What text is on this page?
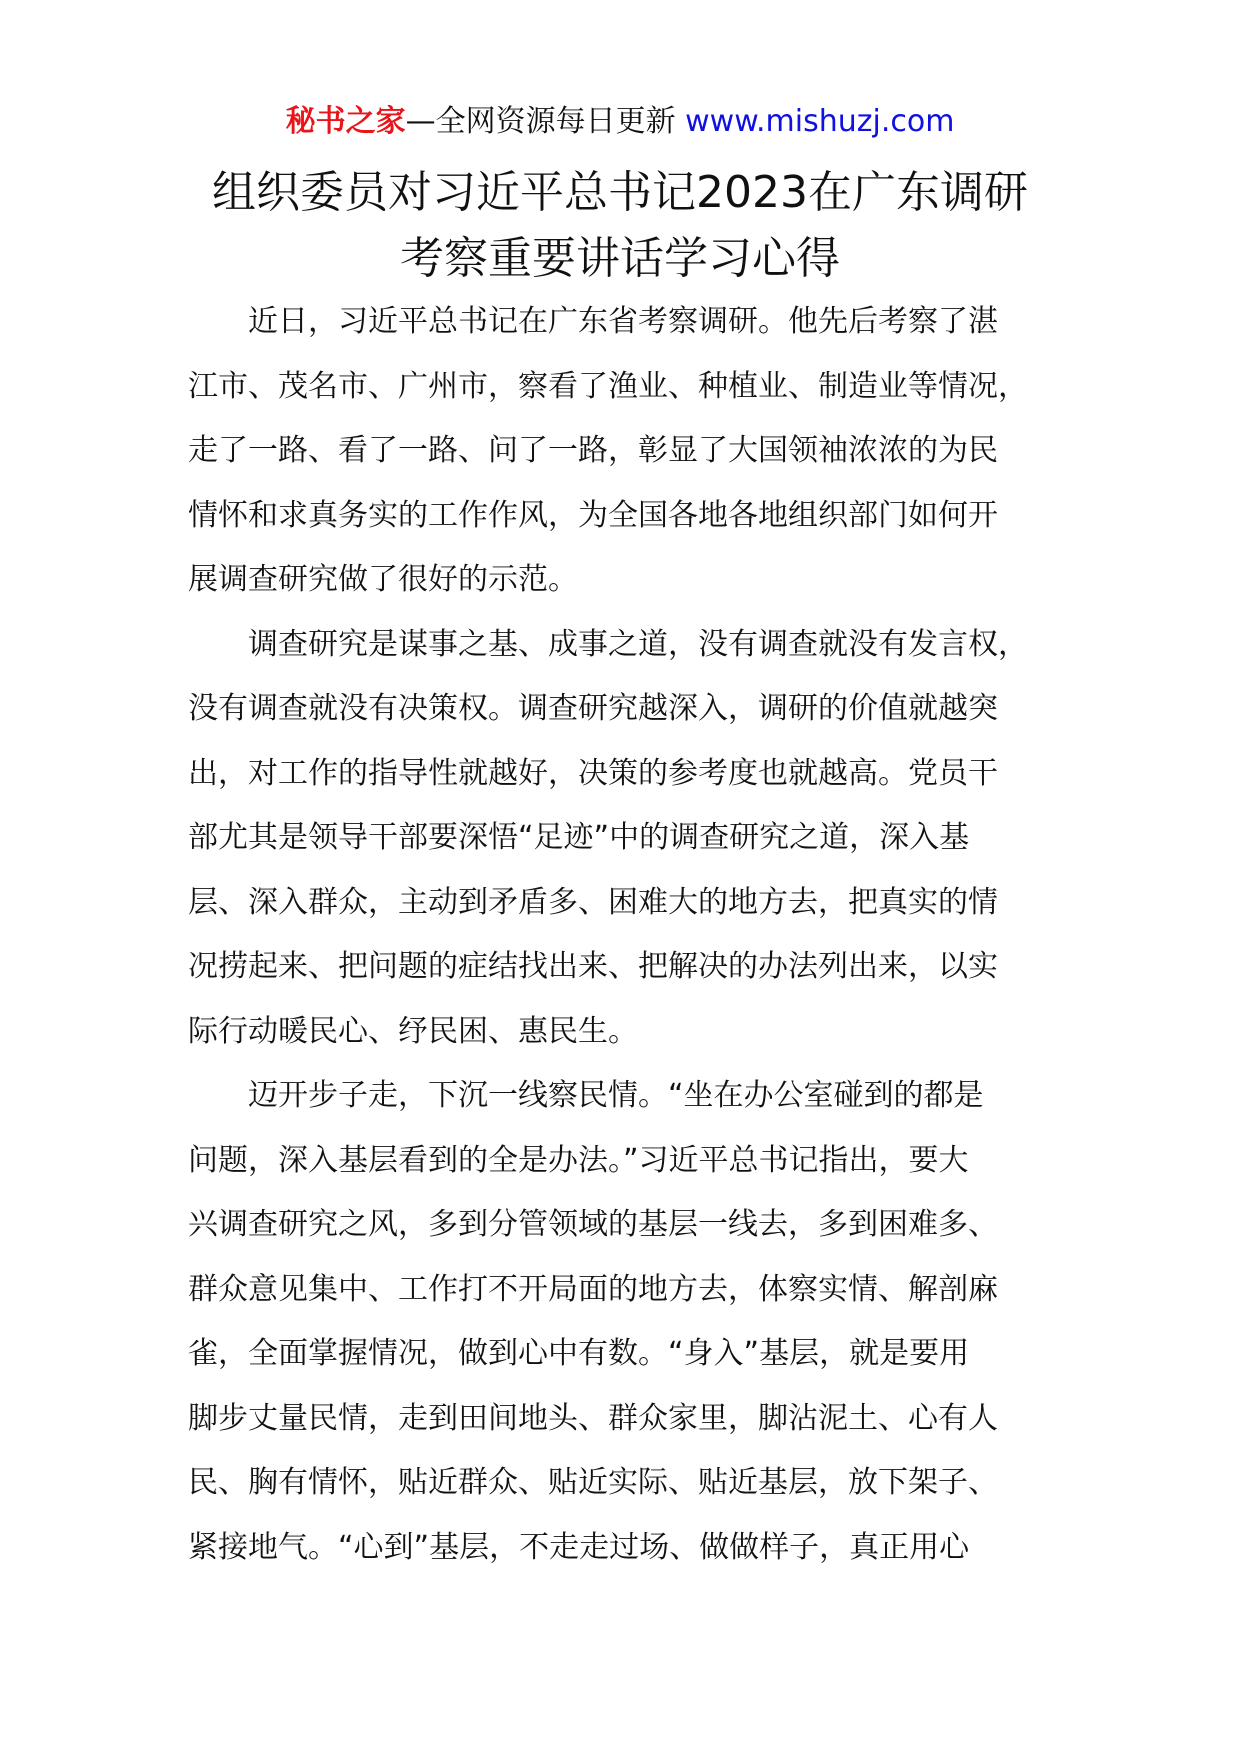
秘书之家—全网资源每日更新 www.mishuzj.com
组织委员对习近平总书记2023在广东调研
考察重要讲话学习心得
近日，习近平总书记在广东省考察调研。他先后考察了湛
江市、茂名市、广州市，察看了渔业、种植业、制造业等情况，
走了一路、看了一路、问了一路，彰显了大国领袖浓浓的为民
情怀和求真务实的工作作风，为全国各地各地组织部门如何开
展调查研究做了很好的示范。
调查研究是谋事之基、成事之道，没有调查就没有发言权，
没有调查就没有决策权。调查研究越深入，调研的价值就越突
出，对工作的指导性就越好，决策的参考度也就越高。党员干
部尤其是领导干部要深悟“足迹”中的调查研究之道，深入基
层、深入群众，主动到矛盾多、困难大的地方去，把真实的情
况捞起来、把问题的症结找出来、把解决的办法列出来，以实
际行动暖民心、纾民困、惠民生。
迈开步子走，下沉一线察民情。“坐在办公室碰到的都是
问题，深入基层看到的全是办法。”习近平总书记指出，要大
兴调查研究之风，多到分管领域的基层一线去，多到困难多、
群众意见集中、工作打不开局面的地方去，体察实情、解剖麻
雀，全面掌握情况，做到心中有数。“身入”基层，就是要用
脚步丈量民情，走到田间地头、群众家里，脚沾泥土、心有人
民、胸有情怀，贴近群众、贴近实际、贴近基层，放下架子、
紧接地气。“心到”基层，不走走过场、做做样子，真正用心
